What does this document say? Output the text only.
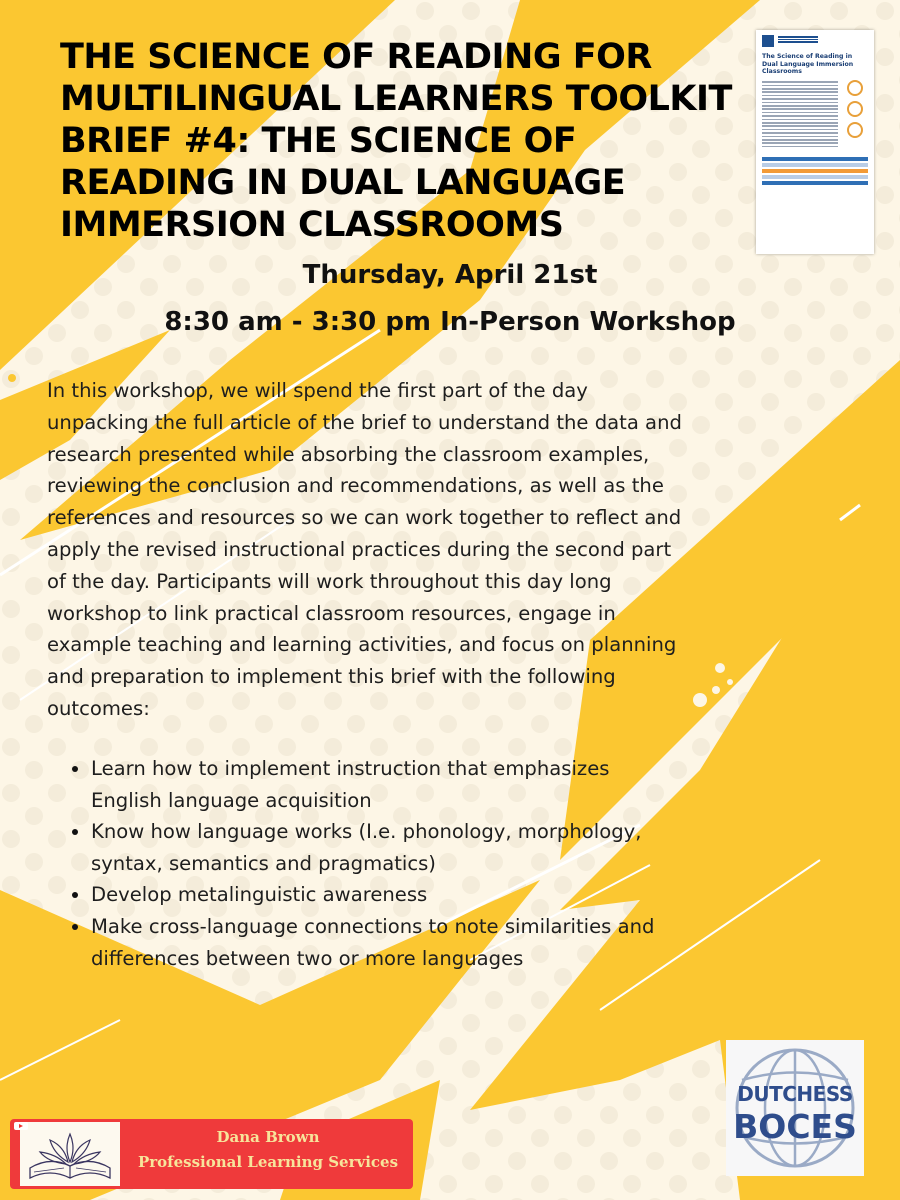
THE SCIENCE OF READING FOR MULTILINGUAL LEARNERS TOOLKIT BRIEF #4: THE SCIENCE OF READING IN DUAL LANGUAGE IMMERSION CLASSROOMS
The Science of Reading in Dual Language Immersion Classrooms

Thursday, April 21st

8:30 am - 3:30 pm In-Person Workshop

In this workshop, we will spend the first part of the day
unpacking the full article of the brief to understand the data and
research presented while absorbing the classroom examples,
reviewing the conclusion and recommendations, as well as the
references and resources so we can work together to reflect and
apply the revised instructional practices during the second part
of the day. Participants will work throughout this day long
workshop to link practical classroom resources, engage in
example teaching and learning activities, and focus on planning
and preparation to implement this brief with the following
outcomes:

Learn how to implement instruction that emphasizes
English language acquisition
Know how language works (I.e. phonology, morphology,
syntax, semantics and pragmatics)
Develop metalinguistic awareness
Make cross-language connections to note similarities and
differences between two or more languages
DUTCHESS
BOCES
Dana Brown
Professional Learning Services
